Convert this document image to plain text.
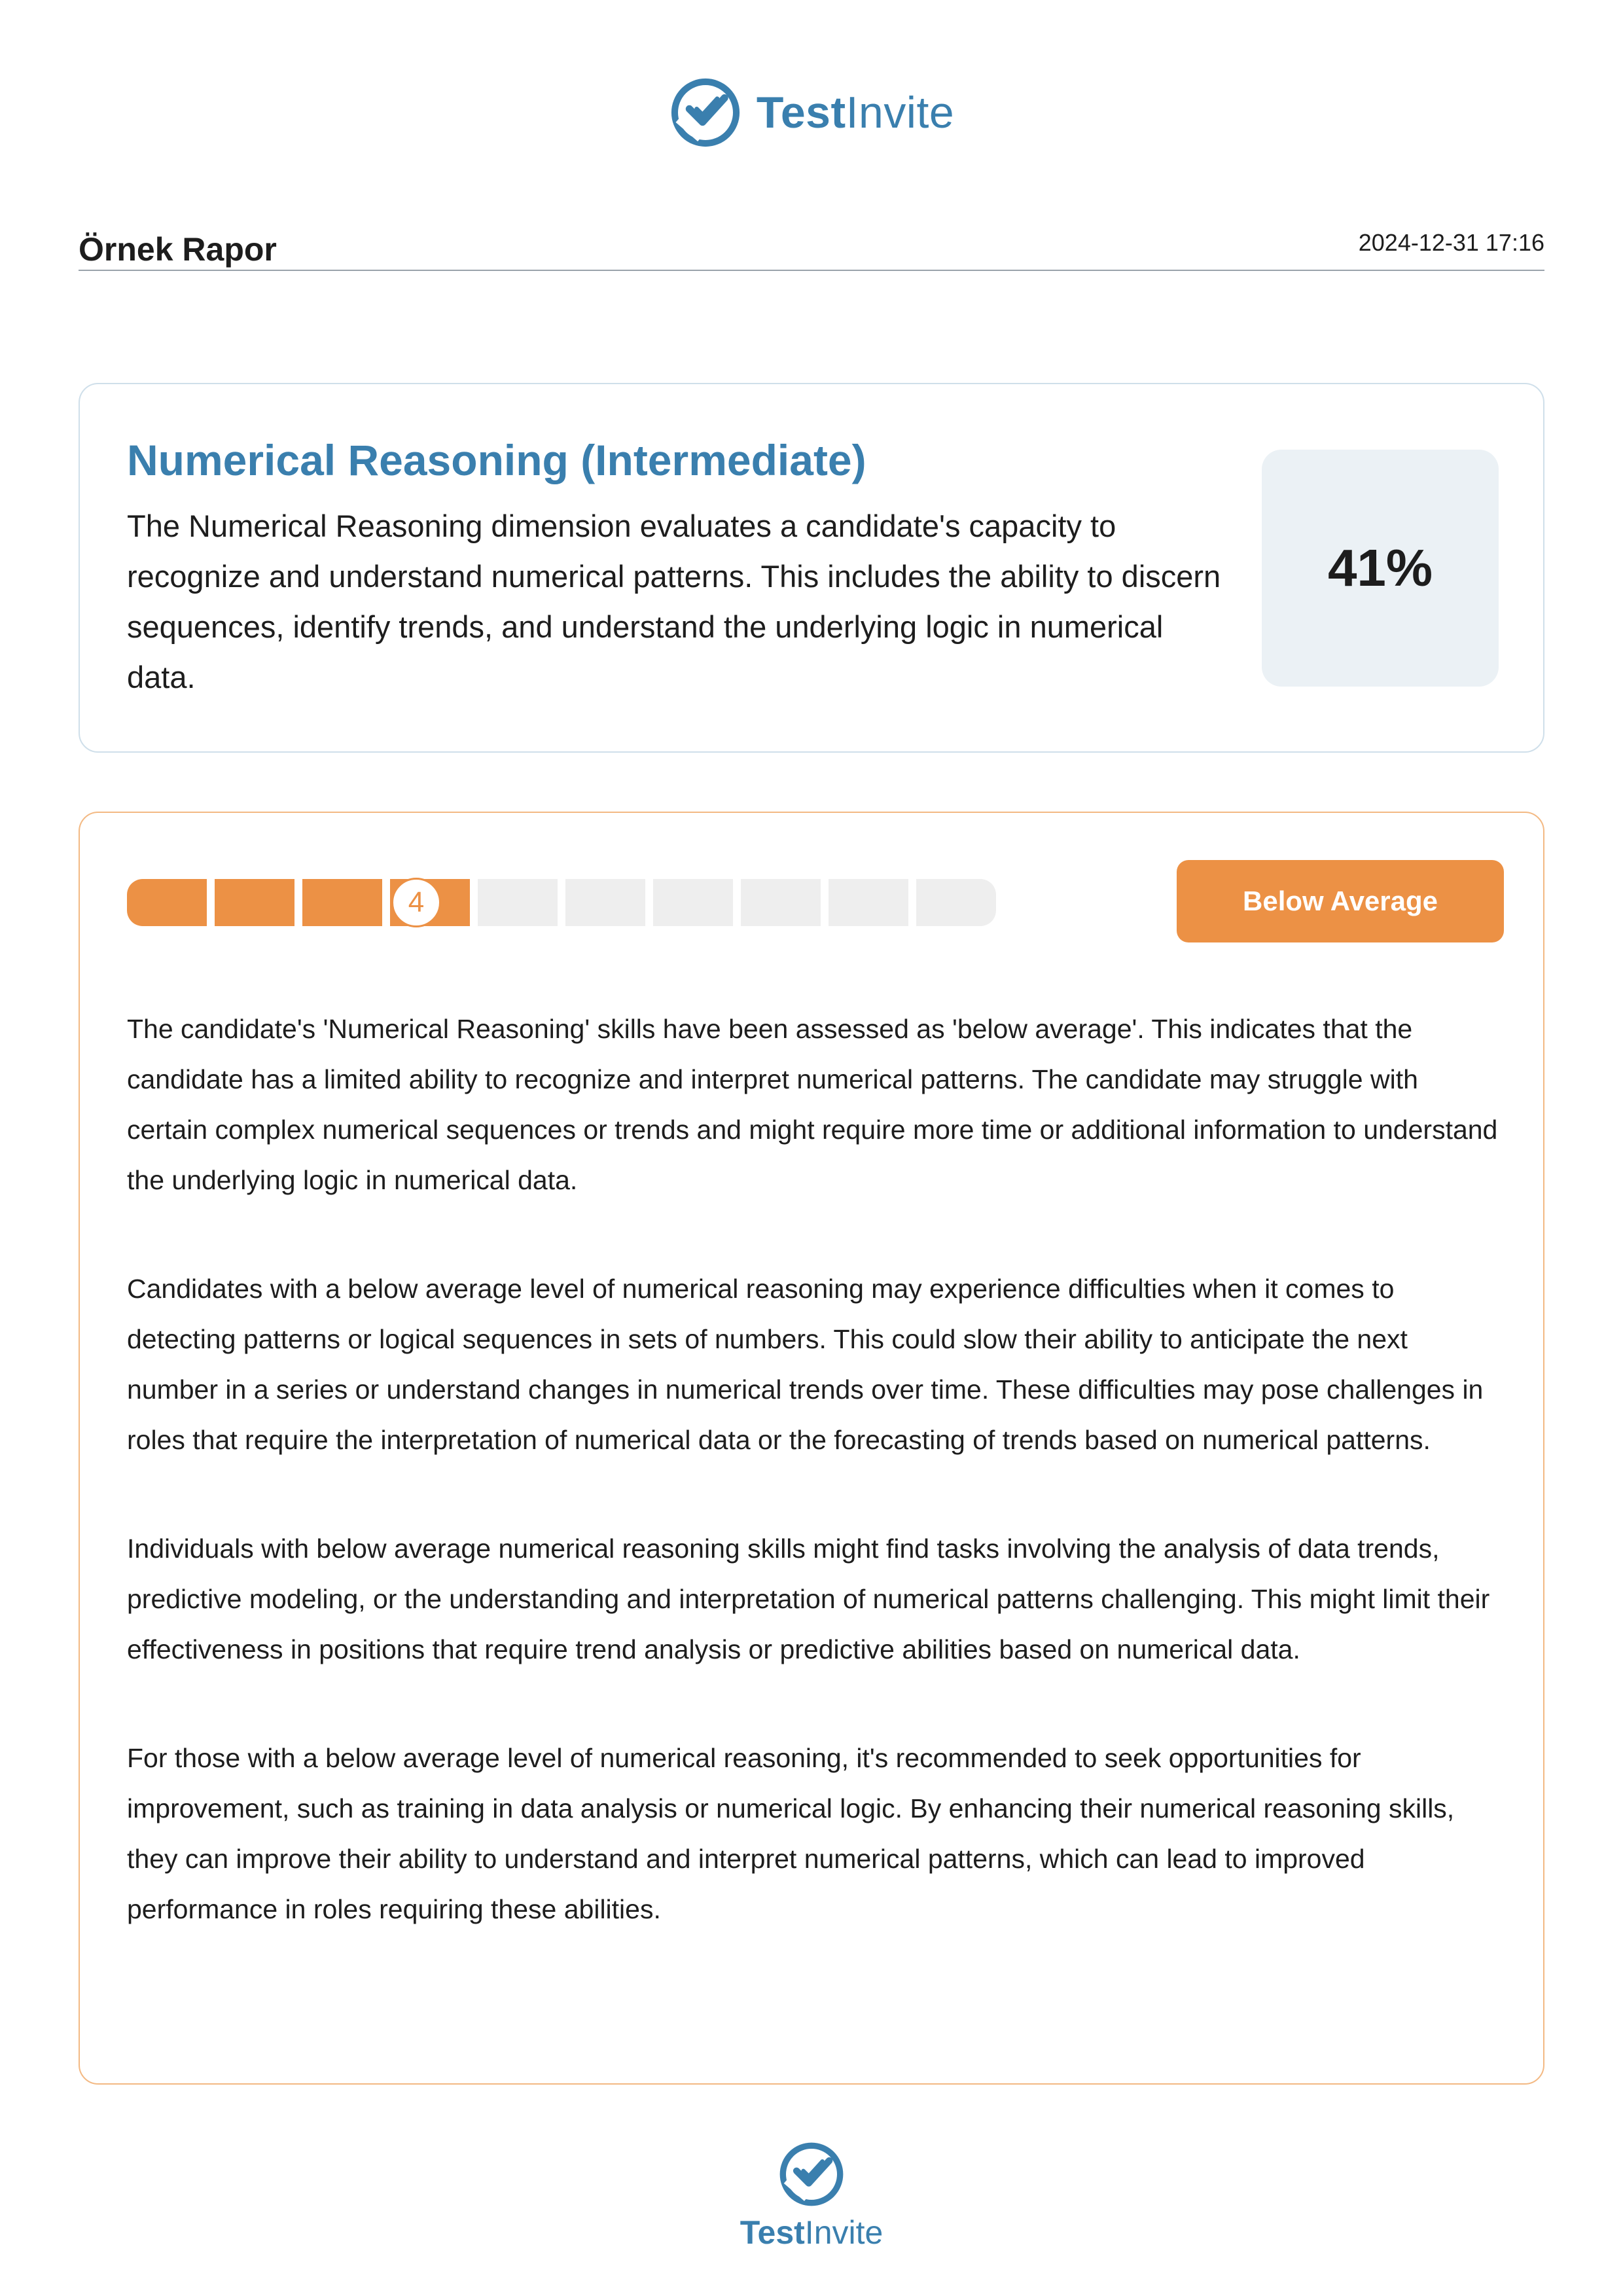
TestInvite
Örnek Rapor	2024-12-31 17:16
Numerical Reasoning (Intermediate)
The Numerical Reasoning dimension evaluates a candidate's capacity to recognize and understand numerical patterns. This includes the ability to discern sequences, identify trends, and understand the underlying logic in numerical data.
41%
4	Below Average

The candidate's 'Numerical Reasoning' skills have been assessed as 'below average'. This indicates that the candidate has a limited ability to recognize and interpret numerical patterns. The candidate may struggle with certain complex numerical sequences or trends and might require more time or additional information to understand the underlying logic in numerical data.

Candidates with a below average level of numerical reasoning may experience difficulties when it comes to detecting patterns or logical sequences in sets of numbers. This could slow their ability to anticipate the next number in a series or understand changes in numerical trends over time. These difficulties may pose challenges in roles that require the interpretation of numerical data or the forecasting of trends based on numerical patterns.

Individuals with below average numerical reasoning skills might find tasks involving the analysis of data trends, predictive modeling, or the understanding and interpretation of numerical patterns challenging. This might limit their effectiveness in positions that require trend analysis or predictive abilities based on numerical data.

For those with a below average level of numerical reasoning, it's recommended to seek opportunities for improvement, such as training in data analysis or numerical logic. By enhancing their numerical reasoning skills, they can improve their ability to understand and interpret numerical patterns, which can lead to improved performance in roles requiring these abilities.

TestInvite
